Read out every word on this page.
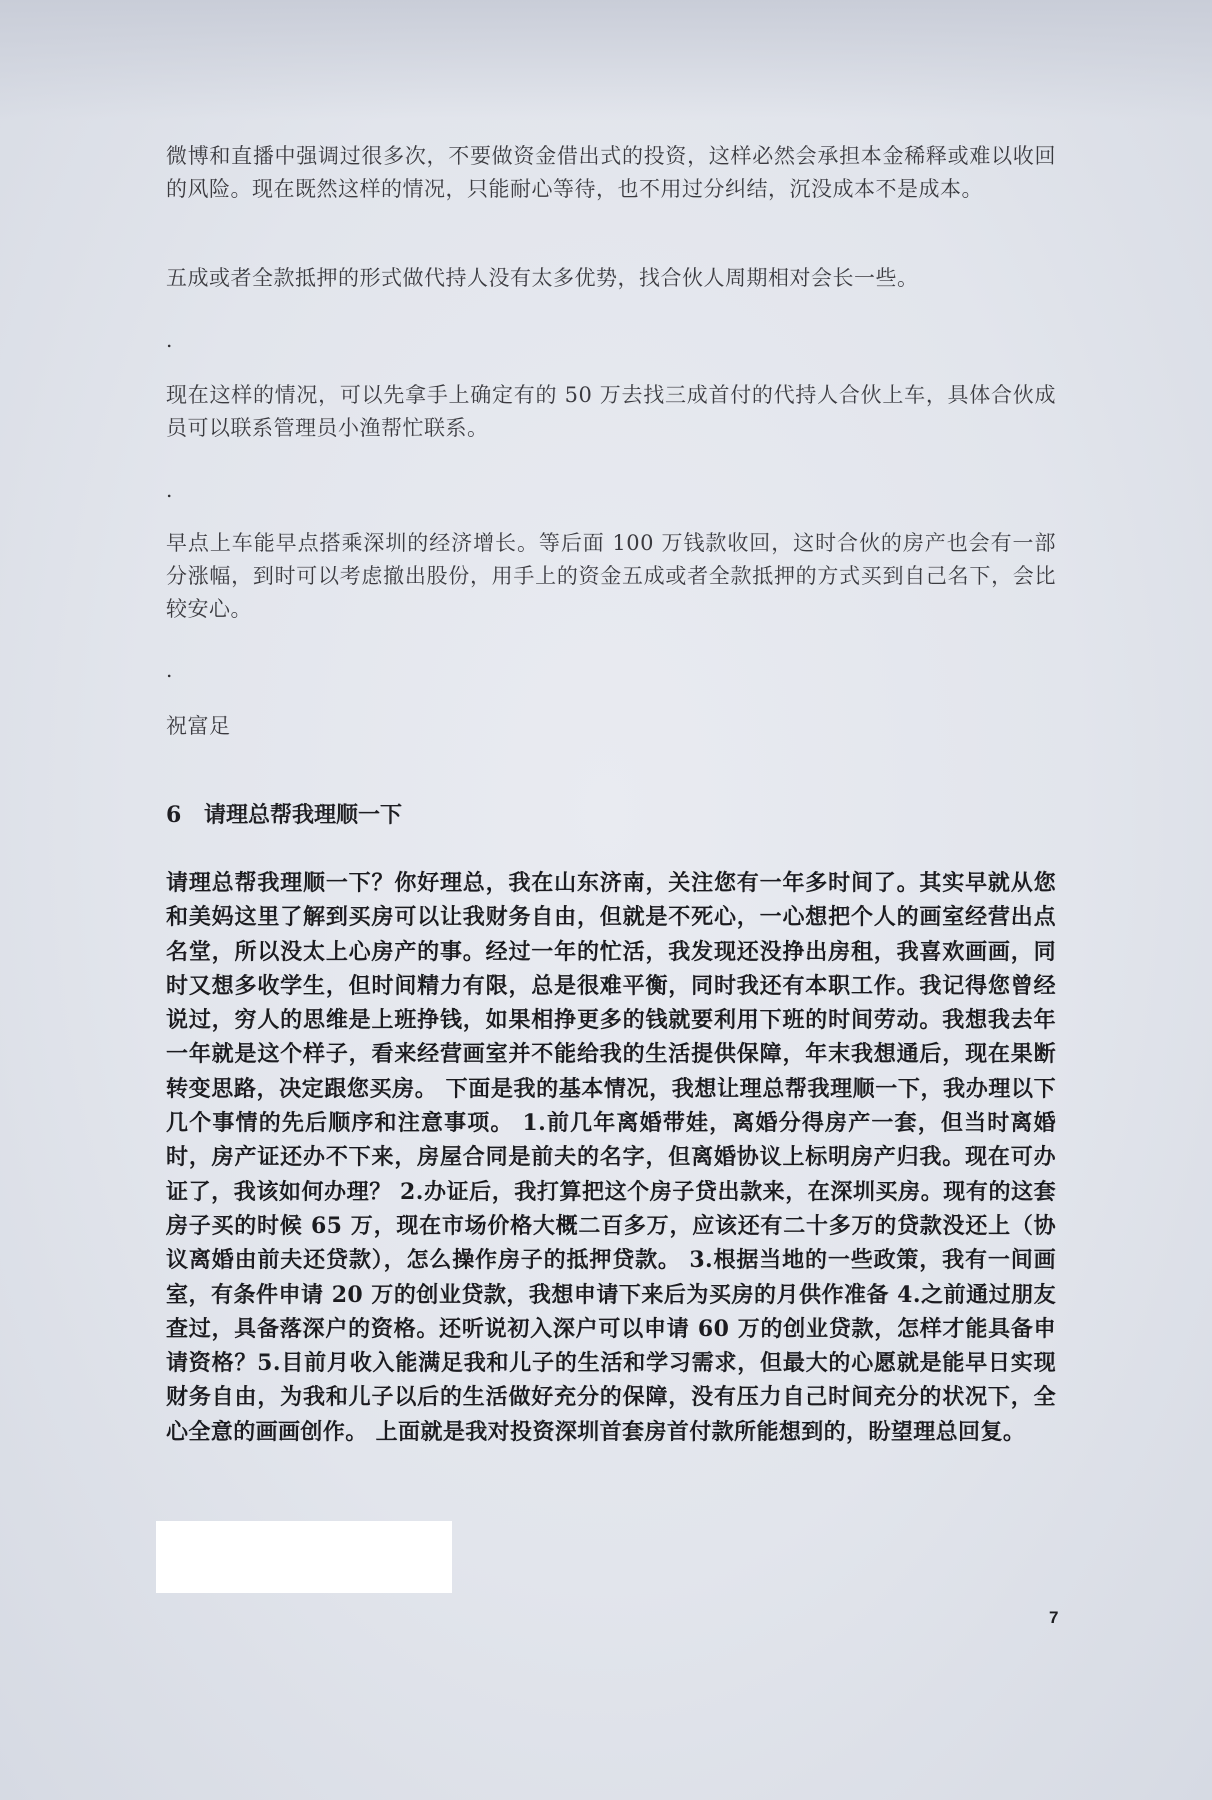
微博和直播中强调过很多次，不要做资金借出式的投资，这样必然会承担本金稀释或难以收回的风险。现在既然这样的情况，只能耐心等待，也不用过分纠结，沉没成本不是成本。

五成或者全款抵押的形式做代持人没有太多优势，找合伙人周期相对会长一些。

.

现在这样的情况，可以先拿手上确定有的 50 万去找三成首付的代持人合伙上车，具体合伙成员可以联系管理员小渔帮忙联系。

.

早点上车能早点搭乘深圳的经济增长。等后面 100 万钱款收回，这时合伙的房产也会有一部分涨幅，到时可以考虑撤出股份，用手上的资金五成或者全款抵押的方式买到自己名下，会比较安心。

.

祝富足

6 请理总帮我理顺一下

请理总帮我理顺一下？你好理总，我在山东济南，关注您有一年多时间了。其实早就从您和美妈这里了解到买房可以让我财务自由，但就是不死心，一心想把个人的画室经营出点名堂，所以没太上心房产的事。经过一年的忙活，我发现还没挣出房租，我喜欢画画，同时又想多收学生，但时间精力有限，总是很难平衡，同时我还有本职工作。我记得您曾经说过，穷人的思维是上班挣钱，如果相挣更多的钱就要利用下班的时间劳动。我想我去年一年就是这个样子，看来经营画室并不能给我的生活提供保障，年末我想通后，现在果断转变思路，决定跟您买房。 下面是我的基本情况，我想让理总帮我理顺一下，我办理以下几个事情的先后顺序和注意事项。 1.前几年离婚带娃，离婚分得房产一套，但当时离婚时，房产证还办不下来，房屋合同是前夫的名字，但离婚协议上标明房产归我。现在可办证了，我该如何办理？ 2.办证后，我打算把这个房子贷出款来，在深圳买房。现有的这套房子买的时候 65 万，现在市场价格大概二百多万，应该还有二十多万的贷款没还上（协议离婚由前夫还贷款），怎么操作房子的抵押贷款。 3.根据当地的一些政策，我有一间画室，有条件申请 20 万的创业贷款，我想申请下来后为买房的月供作准备 4.之前通过朋友查过，具备落深户的资格。还听说初入深户可以申请 60 万的创业贷款，怎样才能具备申请资格？5.目前月收入能满足我和儿子的生活和学习需求，但最大的心愿就是能早日实现财务自由，为我和儿子以后的生活做好充分的保障，没有压力自己时间充分的状况下，全心全意的画画创作。 上面就是我对投资深圳首套房首付款所能想到的，盼望理总回复。

7
